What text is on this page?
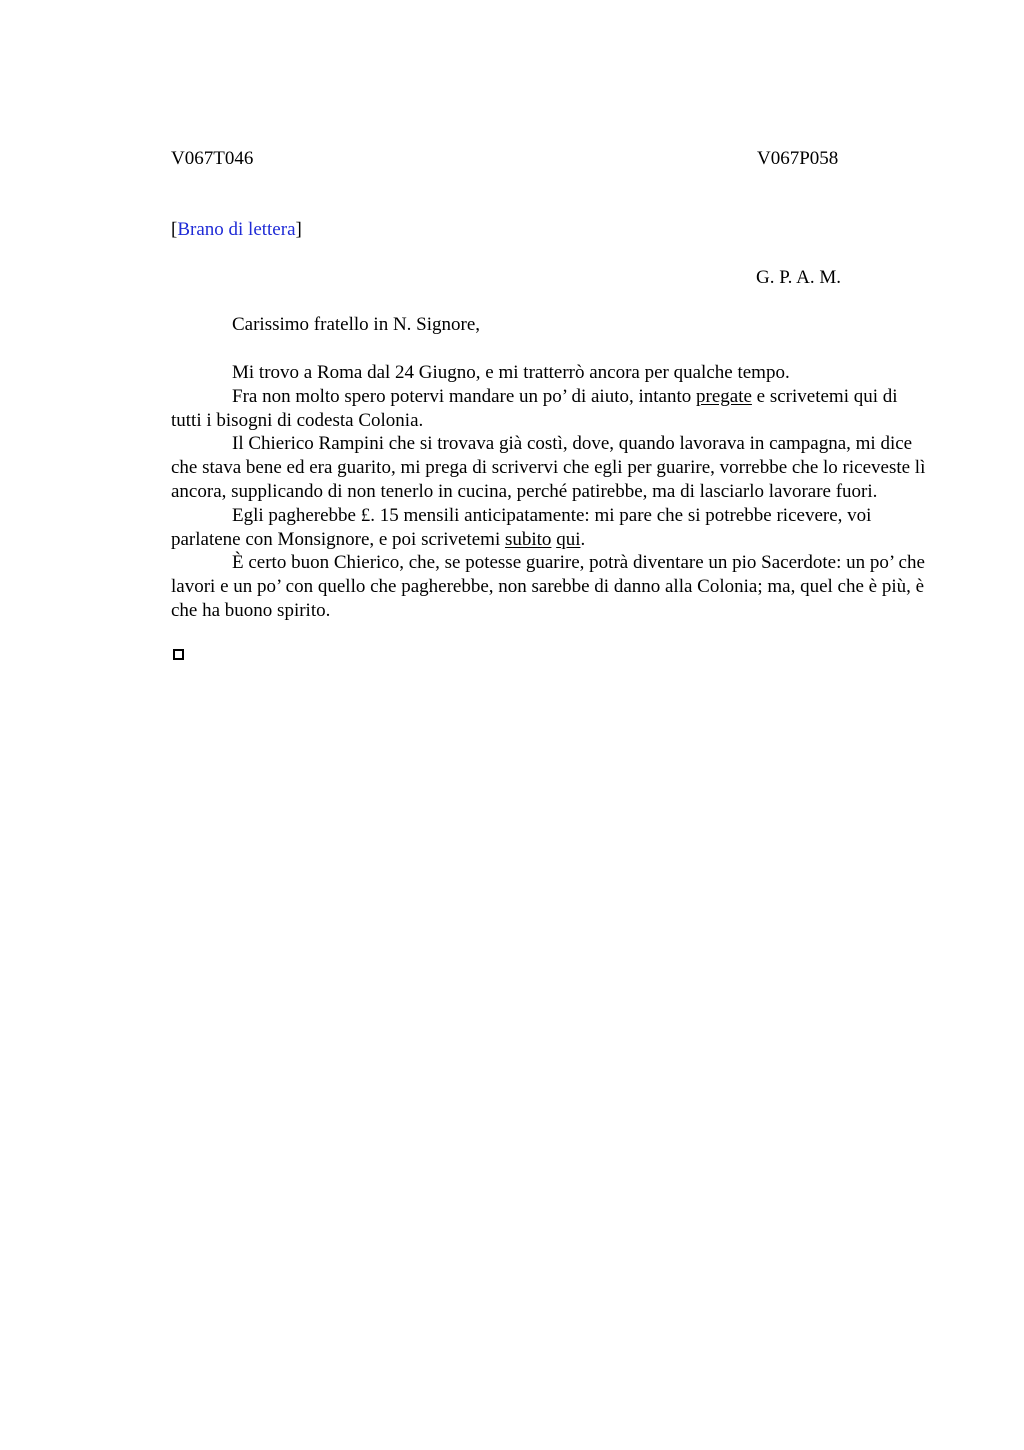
V067T046	V067P058
[Brano di lettera]
G. P. A. M.
Carissimo fratello in N. Signore,

Mi trovo a Roma dal 24 Giugno, e mi tratterrò ancora per qualche tempo.

Fra non molto spero potervi mandare un po’ di aiuto, intanto pregate e scrivetemi qui di tutti i bisogni di codesta Colonia.

Il Chierico Rampini che si trovava già costì, dove, quando lavorava in campagna, mi dice che stava bene ed era guarito, mi prega di scrivervi che egli per guarire, vorrebbe che lo riceveste lì ancora, supplicando di non tenerlo in cucina, perché patirebbe, ma di lasciarlo lavorare fuori.

Egli pagherebbe £. 15 mensili anticipatamente: mi pare che si potrebbe ricevere, voi parlatene con Monsignore, e poi scrivetemi subito qui.

È certo buon Chierico, che, se potesse guarire, potrà diventare un pio Sacerdote: un po’ che lavori e un po’ con quello che pagherebbe, non sarebbe di danno alla Colonia; ma, quel che è più, è che ha buono spirito.
